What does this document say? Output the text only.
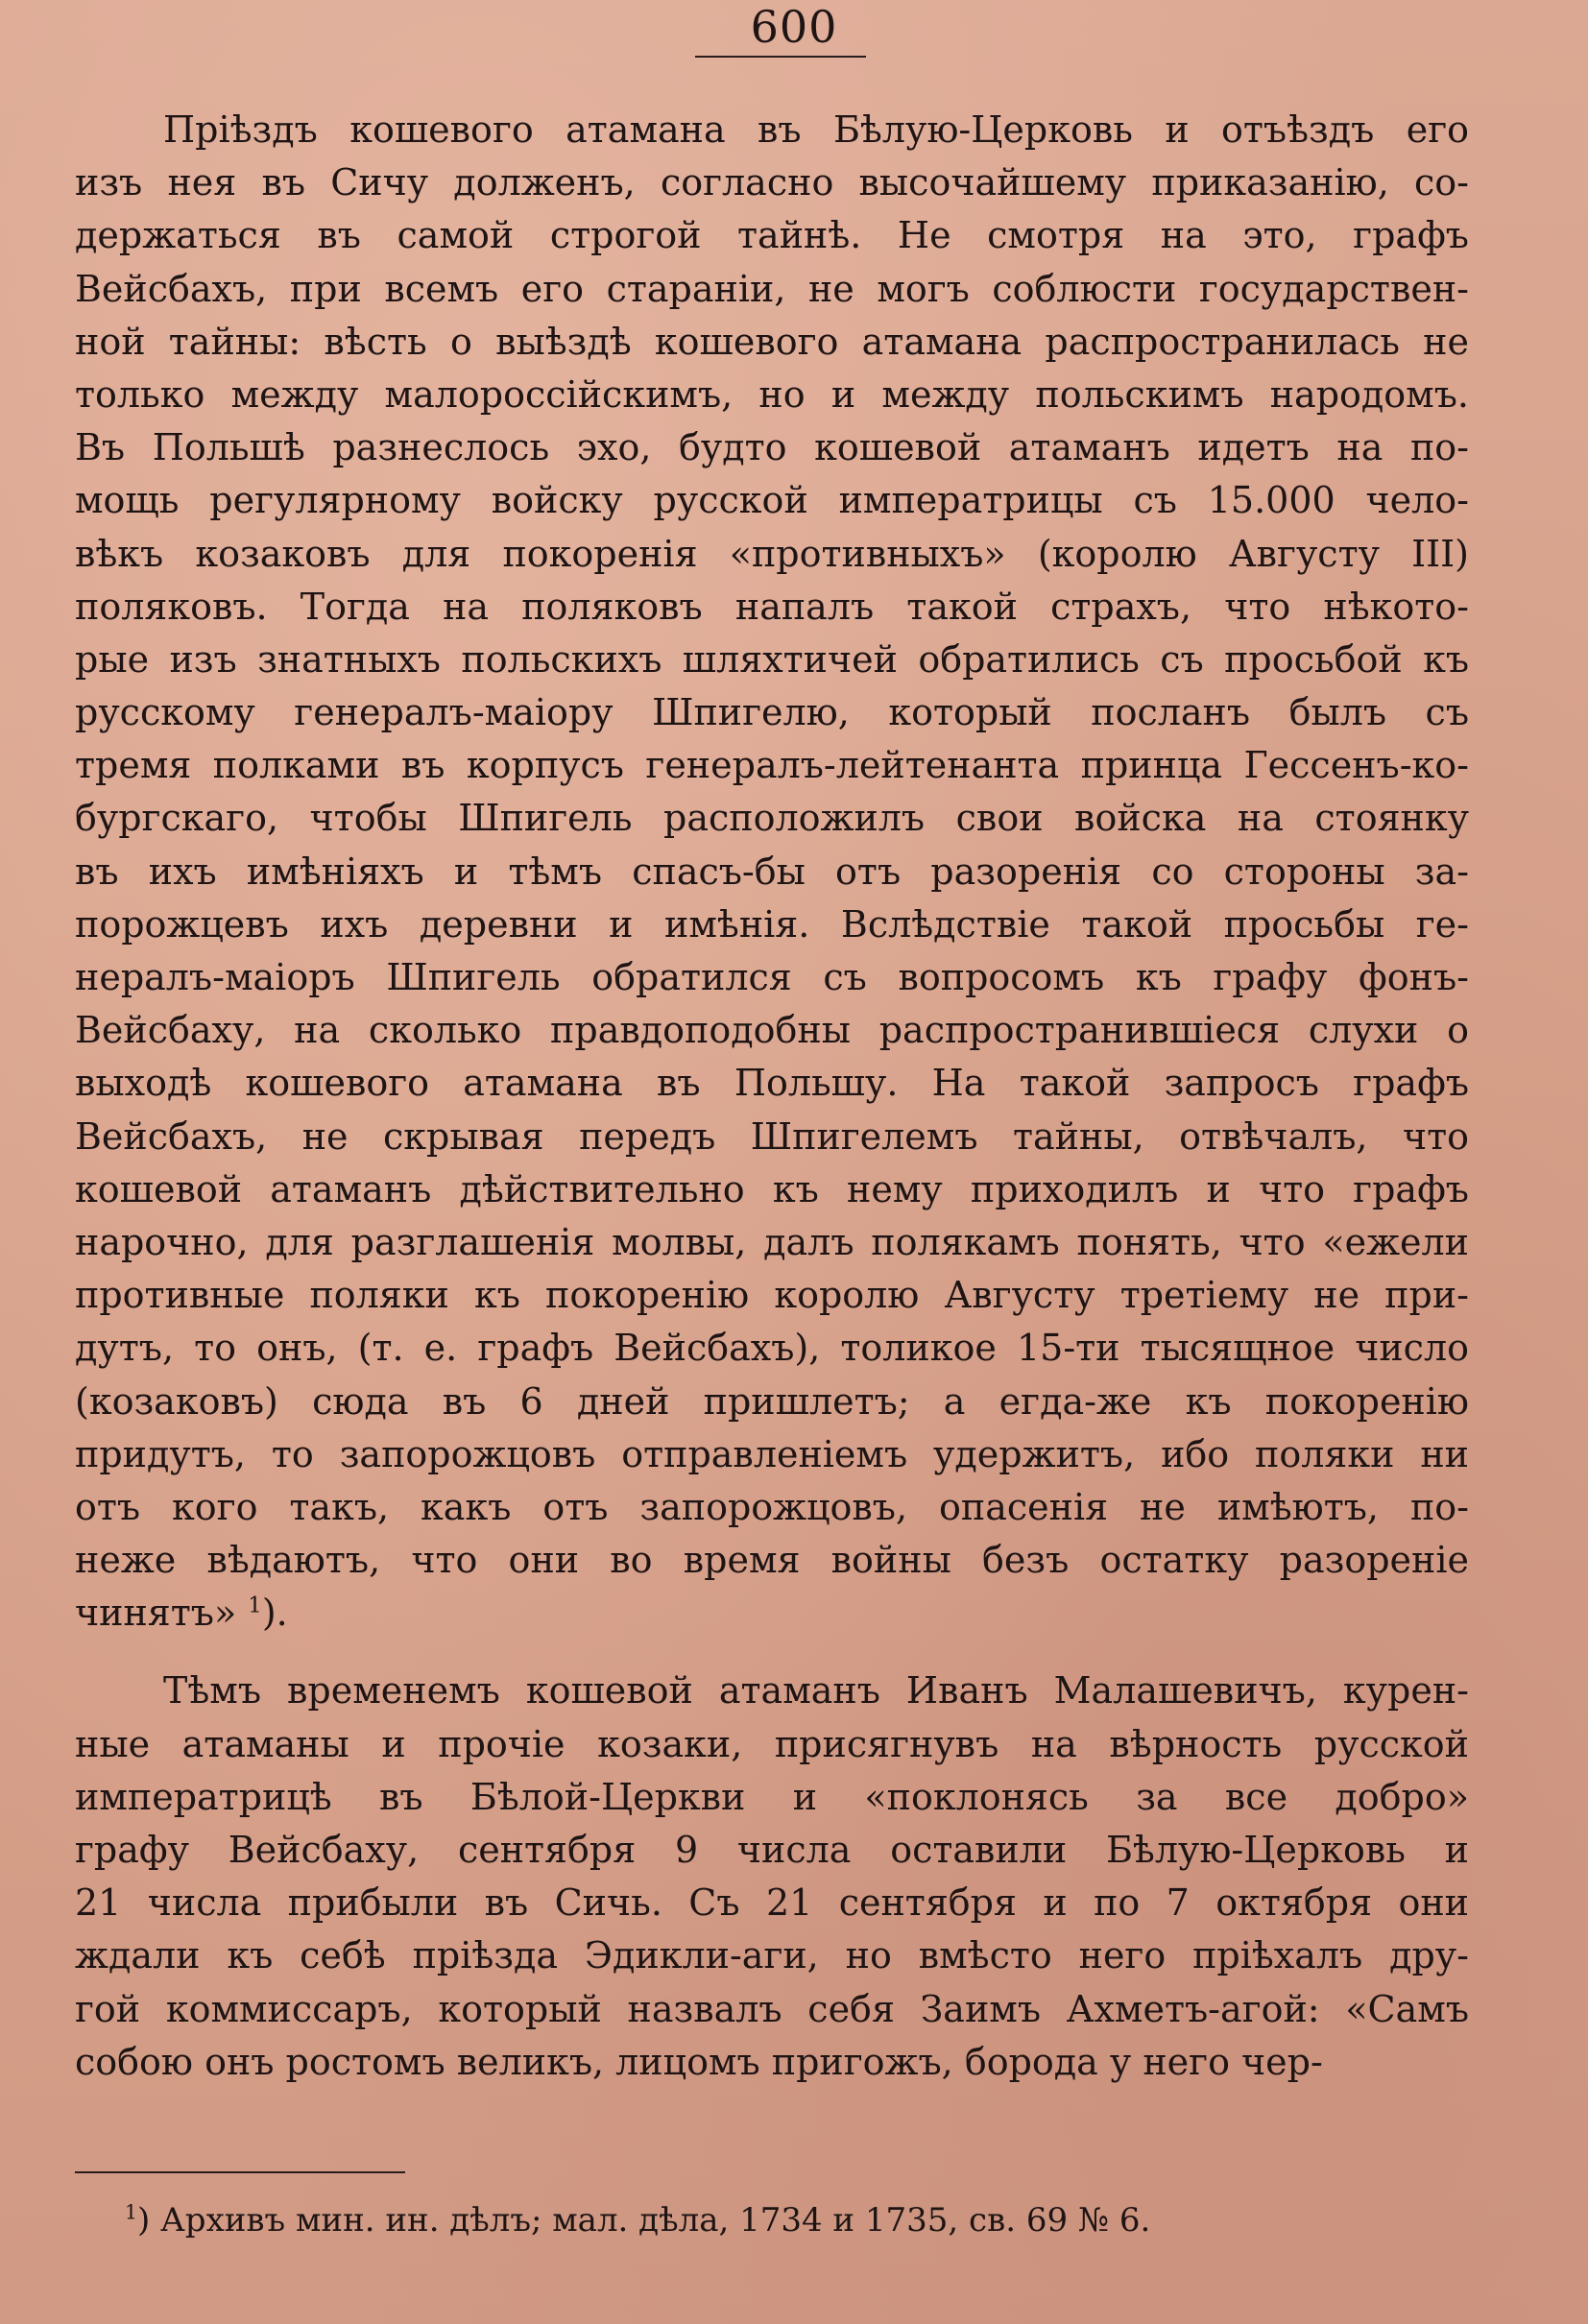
600
Пріѣздъ кошевого атамана въ Бѣлую-Церковь и отъѣздъ его
изъ нея въ Сичу долженъ, согласно высочайшему приказанію, со-
держаться въ самой строгой тайнѣ. Не смотря на это, графъ
Вейсбахъ, при всемъ его стараніи, не могъ соблюсти государствен-
ной тайны: вѣсть о выѣздѣ кошевого атамана распространилась не
только между малороссійскимъ, но и между польскимъ народомъ.
Въ Польшѣ разнеслось эхо, будто кошевой атаманъ идетъ на по-
мощь регулярному войску русской императрицы съ 15.000 чело-
вѣкъ козаковъ для покоренія «противныхъ» (королю Августу III)
поляковъ. Тогда на поляковъ напалъ такой страхъ, что нѣкото-
рые изъ знатныхъ польскихъ шляхтичей обратились съ просьбой къ
русскому генералъ-маіору Шпигелю, который посланъ былъ съ
тремя полками въ корпусъ генералъ-лейтенанта принца Гессенъ-ко-
бургскаго, чтобы Шпигель расположилъ свои войска на стоянку
въ ихъ имѣніяхъ и тѣмъ спасъ-бы отъ разоренія со стороны за-
порожцевъ ихъ деревни и имѣнія. Вслѣдствіе такой просьбы ге-
нералъ-маіоръ Шпигель обратился съ вопросомъ къ графу фонъ-
Вейсбаху, на сколько правдоподобны распространившіеся слухи о
выходѣ кошевого атамана въ Польшу. На такой запросъ графъ
Вейсбахъ, не скрывая передъ Шпигелемъ тайны, отвѣчалъ, что
кошевой атаманъ дѣйствительно къ нему приходилъ и что графъ
нарочно, для разглашенія молвы, далъ полякамъ понять, что «ежели
противные поляки къ покоренію королю Августу третіему не при-
дутъ, то онъ, (т. е. графъ Вейсбахъ), толикое 15-ти тысящное число
(козаковъ) сюда въ 6 дней пришлетъ; а егда-же къ покоренію
придутъ, то запорожцовъ отправленіемъ удержитъ, ибо поляки ни
отъ кого такъ, какъ отъ запорожцовъ, опасенія не имѣютъ, по-
неже вѣдаютъ, что они во время войны безъ остатку разореніе
чинятъ» $^1$).
Тѣмъ временемъ кошевой атаманъ Иванъ Малашевичъ, курен-
ные атаманы и прочіе козаки, присягнувъ на вѣрность русской
императрицѣ въ Бѣлой-Церкви и «поклонясь за все добро»
графу Вейсбаху, сентября 9 числа оставили Бѣлую-Церковь и
21 числа прибыли въ Сичь. Съ 21 сентября и по 7 октября они
ждали къ себѣ пріѣзда Эдикли-аги, но вмѣсто него пріѣхалъ дру-
гой коммиссаръ, который назвалъ себя Заимъ Ахметъ-агой: «Самъ
собою онъ ростомъ великъ, лицомъ пригожъ, борода у него чер-
$^1$) Архивъ мин. ин. дѣлъ; мал. дѣла, 1734 и 1735, св. 69 № 6.
